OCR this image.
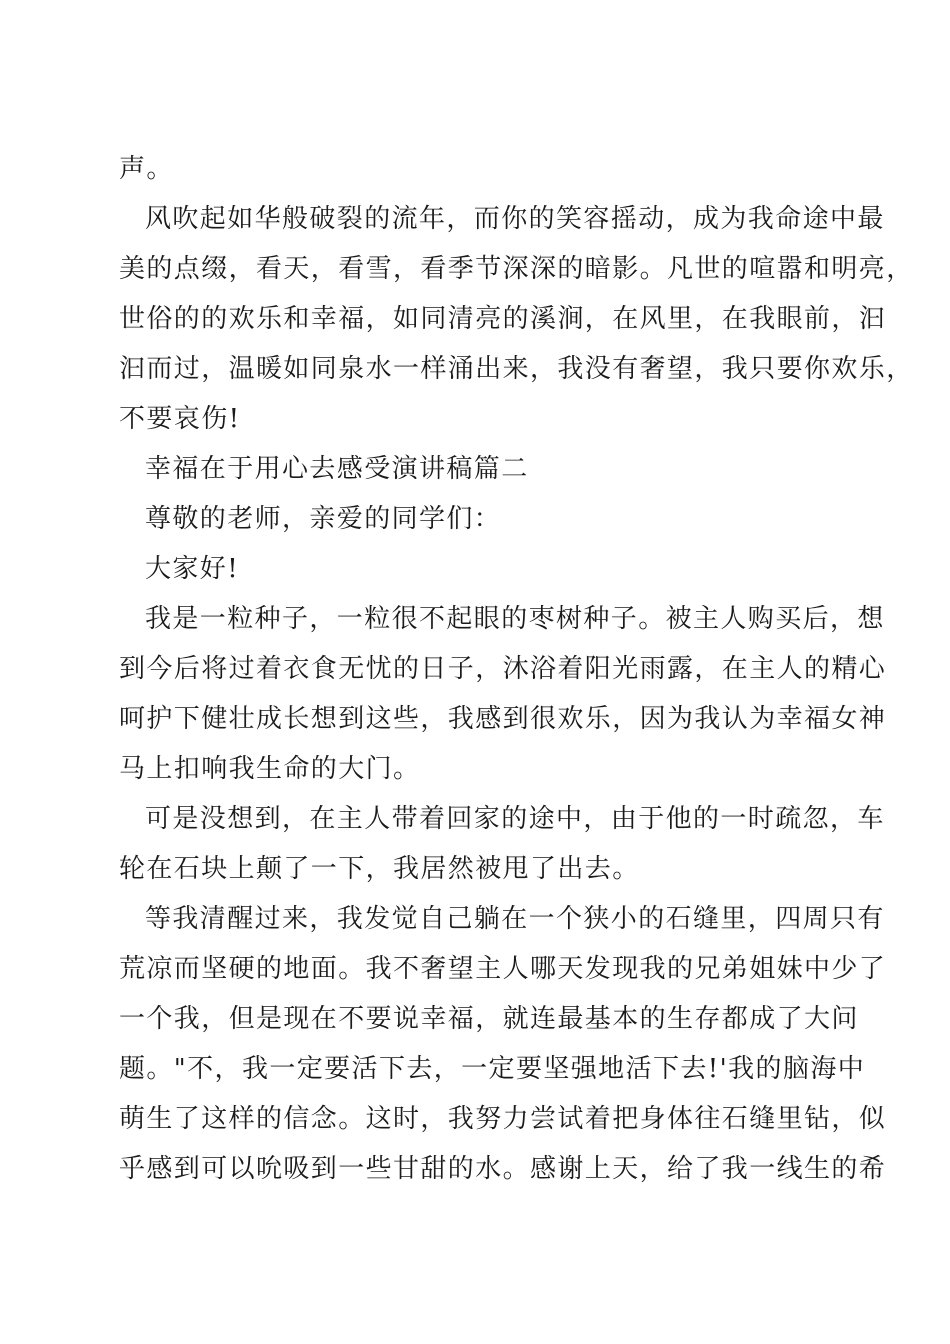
声。
风吹起如华般破裂的流年，而你的笑容摇动，成为我命途中最
美的点缀，看天，看雪，看季节深深的暗影。凡世的喧嚣和明亮，
世俗的的欢乐和幸福，如同清亮的溪涧，在风里，在我眼前，汩
汩而过，温暖如同泉水一样涌出来，我没有奢望，我只要你欢乐，
不要哀伤!
幸福在于用心去感受演讲稿篇二
尊敬的老师，亲爱的同学们：
大家好!
我是一粒种子，一粒很不起眼的枣树种子。被主人购买后，想
到今后将过着衣食无忧的日子，沐浴着阳光雨露，在主人的精心
呵护下健壮成长想到这些，我感到很欢乐，因为我认为幸福女神
马上扣响我生命的大门。
可是没想到，在主人带着回家的途中，由于他的一时疏忽，车
轮在石块上颠了一下，我居然被甩了出去。
等我清醒过来，我发觉自己躺在一个狭小的石缝里，四周只有
荒凉而坚硬的地面。我不奢望主人哪天发现我的兄弟姐妹中少了
一个我，但是现在不要说幸福，就连最基本的生存都成了大问
题。"不，我一定要活下去，一定要坚强地活下去!'我的脑海中
萌生了这样的信念。这时，我努力尝试着把身体往石缝里钻，似
乎感到可以吮吸到一些甘甜的水。感谢上天，给了我一线生的希
